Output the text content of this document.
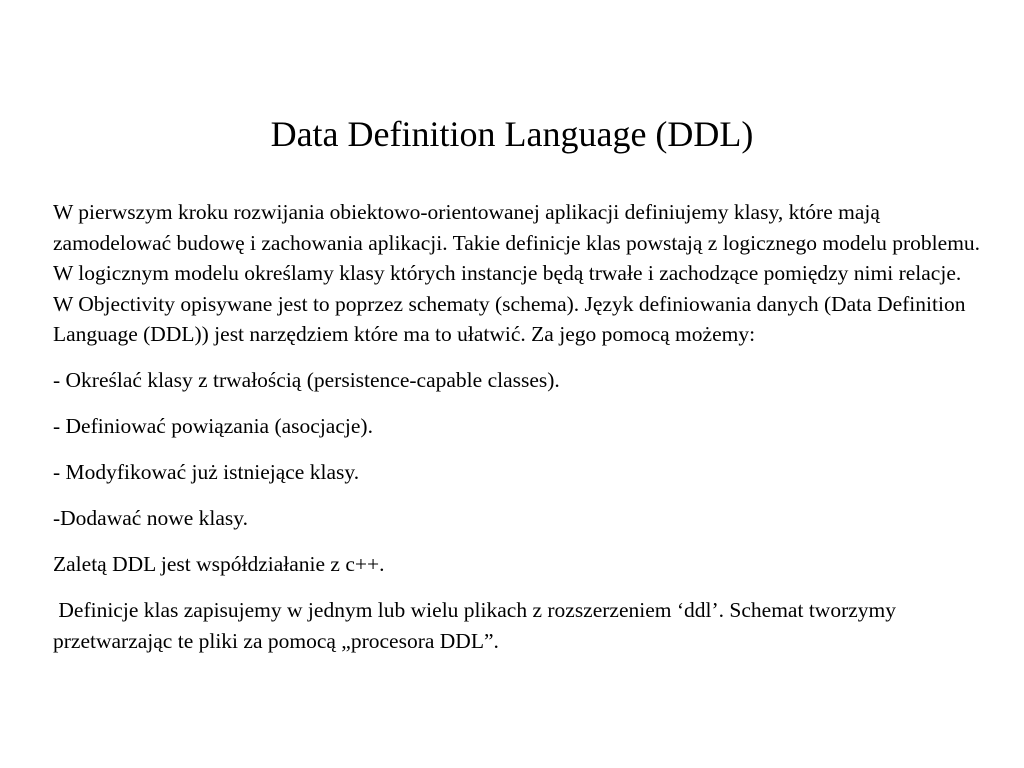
Data Definition Language (DDL)

W pierwszym kroku rozwijania obiektowo-orientowanej aplikacji definiujemy klasy, które mają zamodelować budowę i zachowania aplikacji. Takie definicje klas powstają z logicznego modelu problemu. W logicznym modelu określamy klasy których instancje będą trwałe i zachodzące pomiędzy nimi relacje. W Objectivity opisywane jest to poprzez schematy (schema). Język definiowania danych (Data Definition Language (DDL)) jest narzędziem które ma to ułatwić. Za jego pomocą możemy:

- Określać klasy z trwałością (persistence-capable classes).

- Definiować powiązania (asocjacje).

- Modyfikować już istniejące klasy.

-Dodawać nowe klasy.

Zaletą DDL jest współdziałanie z c++.

Definicje klas zapisujemy w jednym lub wielu plikach z rozszerzeniem ‘ddl’. Schemat tworzymy przetwarzając te pliki za pomocą „procesora DDL”.
